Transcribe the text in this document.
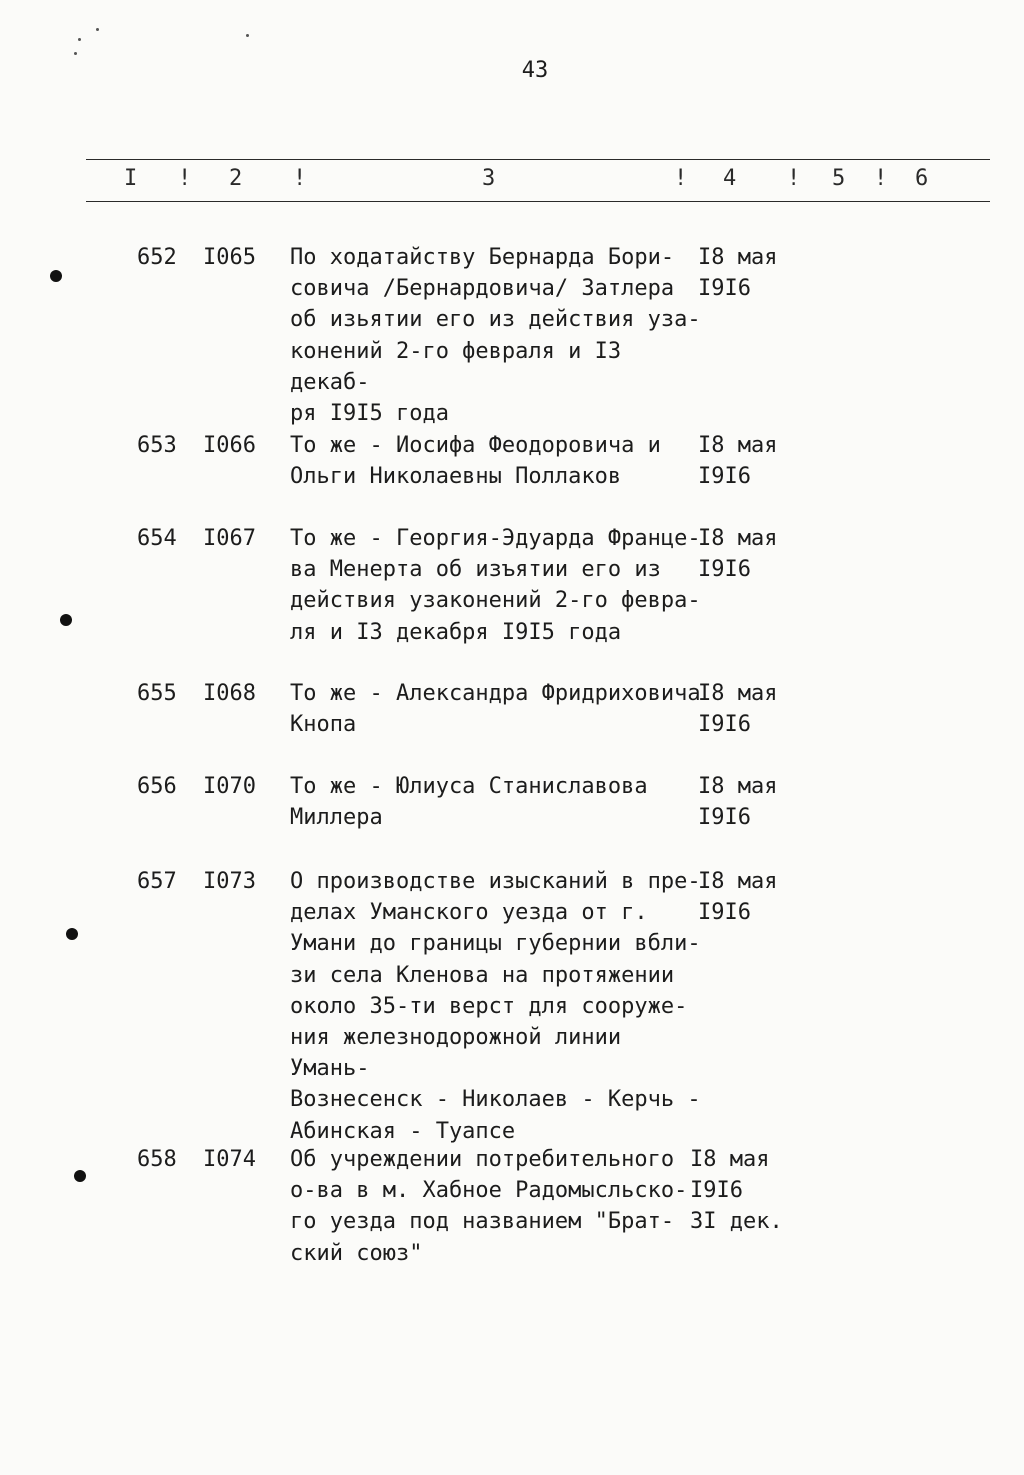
43
I ! 2 !	3	! 4 ! 5 ! 6
652 I065 По ходатайству Бернарда Бори-
совича /Бернардовича/ Затлера
об изьятии его из действия уза-
конений 2-го февраля и I3 декаб-
ря I9I5 года
I8 мая
I9I6
653 I066 То же - Иосифа Феодоровича и
Ольги Николаевны Поллаков
I8 мая
I9I6
654 I067 То же - Георгия-Эдуарда Франце-
ва Менерта об изъятии его из
действия узаконений 2-го февра-
ля и I3 декабря I9I5 года
I8 мая
I9I6
655 I068 То же - Александра Фридриховича
Кнопа
I8 мая
I9I6
656 I070 То же - Юлиуса Станиславова
Миллера
I8 мая
I9I6
657 I073 О производстве изысканий в пре-
делах Уманского уезда от г.
Умани до границы губернии вбли-
зи села Кленова на протяжении
около 35-ти верст для сооруже-
ния железнодорожной линии Умань-
Вознесенск - Николаев - Керчь -
Абинская - Туапсе
I8 мая
I9I6
658 I074 Об учреждении потребительного
о-ва в м. Хабное Радомысльско-
го уезда под названием "Брат-
ский союз"
I8 мая
I9I6
3I дек.
